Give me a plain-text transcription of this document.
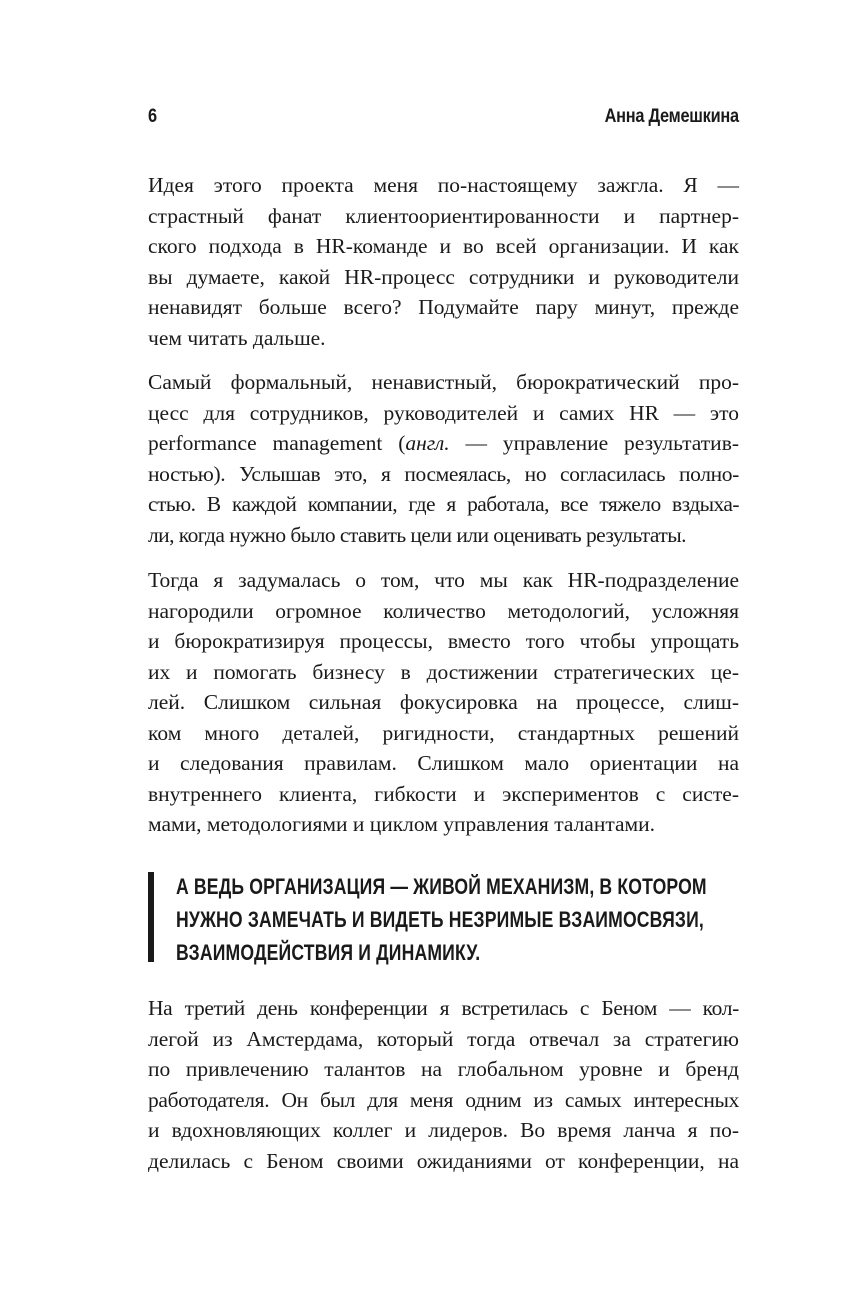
6	Анна Демешкина
Идея этого проекта меня по-настоящему зажгла. Я —
страстный фанат клиентоориентированности и партнер-
ского подхода в HR-команде и во всей организации. И как
вы думаете, какой HR-процесс сотрудники и руководители
ненавидят больше всего? Подумайте пару минут, прежде
чем читать дальше.
Самый формальный, ненавистный, бюрократический про-
цесс для сотрудников, руководителей и самих HR — это
performance management (англ. — управление результатив-
ностью). Услышав это, я посмеялась, но согласилась полно-
стью. В каждой компании, где я работала, все тяжело вздыха-
ли, когда нужно было ставить цели или оценивать результаты.
Тогда я задумалась о том, что мы как HR-подразделение
нагородили огромное количество методологий, усложняя
и бюрократизируя процессы, вместо того чтобы упрощать
их и помогать бизнесу в достижении стратегических це-
лей. Слишком сильная фокусировка на процессе, слиш-
ком много деталей, ригидности, стандартных решений
и следования правилам. Слишком мало ориентации на
внутреннего клиента, гибкости и экспериментов с систе-
мами, методологиями и циклом управления талантами.
А ВЕДЬ ОРГАНИЗАЦИЯ — ЖИВОЙ МЕХАНИЗМ, В КОТОРОМ
НУЖНО ЗАМЕЧАТЬ И ВИДЕТЬ НЕЗРИМЫЕ ВЗАИМОСВЯЗИ,
ВЗАИМОДЕЙСТВИЯ И ДИНАМИКУ.
На третий день конференции я встретилась с Беном — кол-
легой из Амстердама, который тогда отвечал за стратегию
по привлечению талантов на глобальном уровне и бренд
работодателя. Он был для меня одним из самых интересных
и вдохновляющих коллег и лидеров. Во время ланча я по-
делилась с Беном своими ожиданиями от конференции, на
